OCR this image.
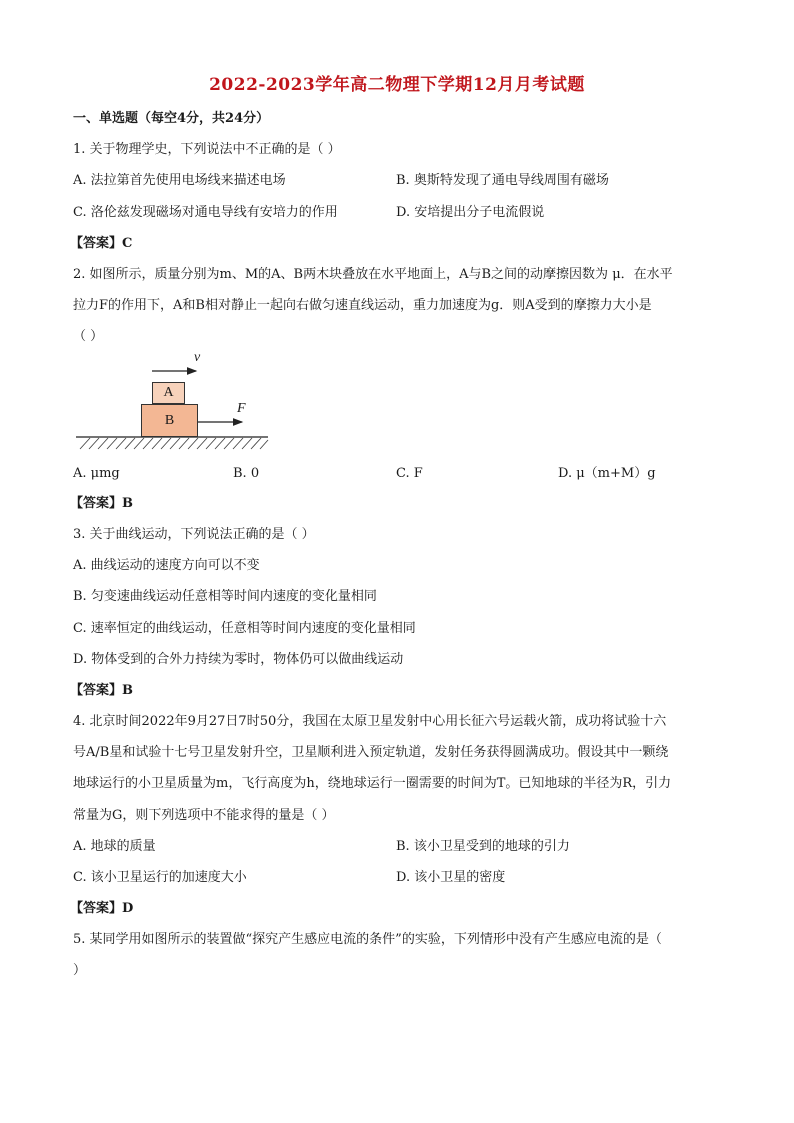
2022-2023学年高二物理下学期12月月考试题
一、单选题（每空4分，共24分）
1. 关于物理学史，下列说法中不正确的是（ ）
A. 法拉第首先使用电场线来描述电场	B. 奥斯特发现了通电导线周围有磁场
C. 洛伦兹发现磁场对通电导线有安培力的作用	D. 安培提出分子电流假说
【答案】C
2. 如图所示，质量分别为m、M的A、B两木块叠放在水平地面上，A与B之间的动摩擦因数为 μ．在水平
拉力F的作用下，A和B相对静止一起向右做匀速直线运动，重力加速度为g．则A受到的摩擦力大小是
（ ）
A
B
v
F
A. μmg	B. 0	C. F	D. μ（m+M）g
【答案】B
3. 关于曲线运动，下列说法正确的是（ ）
A. 曲线运动的速度方向可以不变
B. 匀变速曲线运动任意相等时间内速度的变化量相同
C. 速率恒定的曲线运动，任意相等时间内速度的变化量相同
D. 物体受到的合外力持续为零时，物体仍可以做曲线运动
【答案】B
4. 北京时间2022年9月27日7时50分，我国在太原卫星发射中心用长征六号运载火箭，成功将试验十六
号A/B星和试验十七号卫星发射升空，卫星顺利进入预定轨道，发射任务获得圆满成功。假设其中一颗绕
地球运行的小卫星质量为m，飞行高度为h，绕地球运行一圈需要的时间为T。已知地球的半径为R，引力
常量为G，则下列选项中不能求得的量是（ ）
A. 地球的质量	B. 该小卫星受到的地球的引力
C. 该小卫星运行的加速度大小	D. 该小卫星的密度
【答案】D
5. 某同学用如图所示的装置做“探究产生感应电流的条件”的实验，下列情形中没有产生感应电流的是（
）
